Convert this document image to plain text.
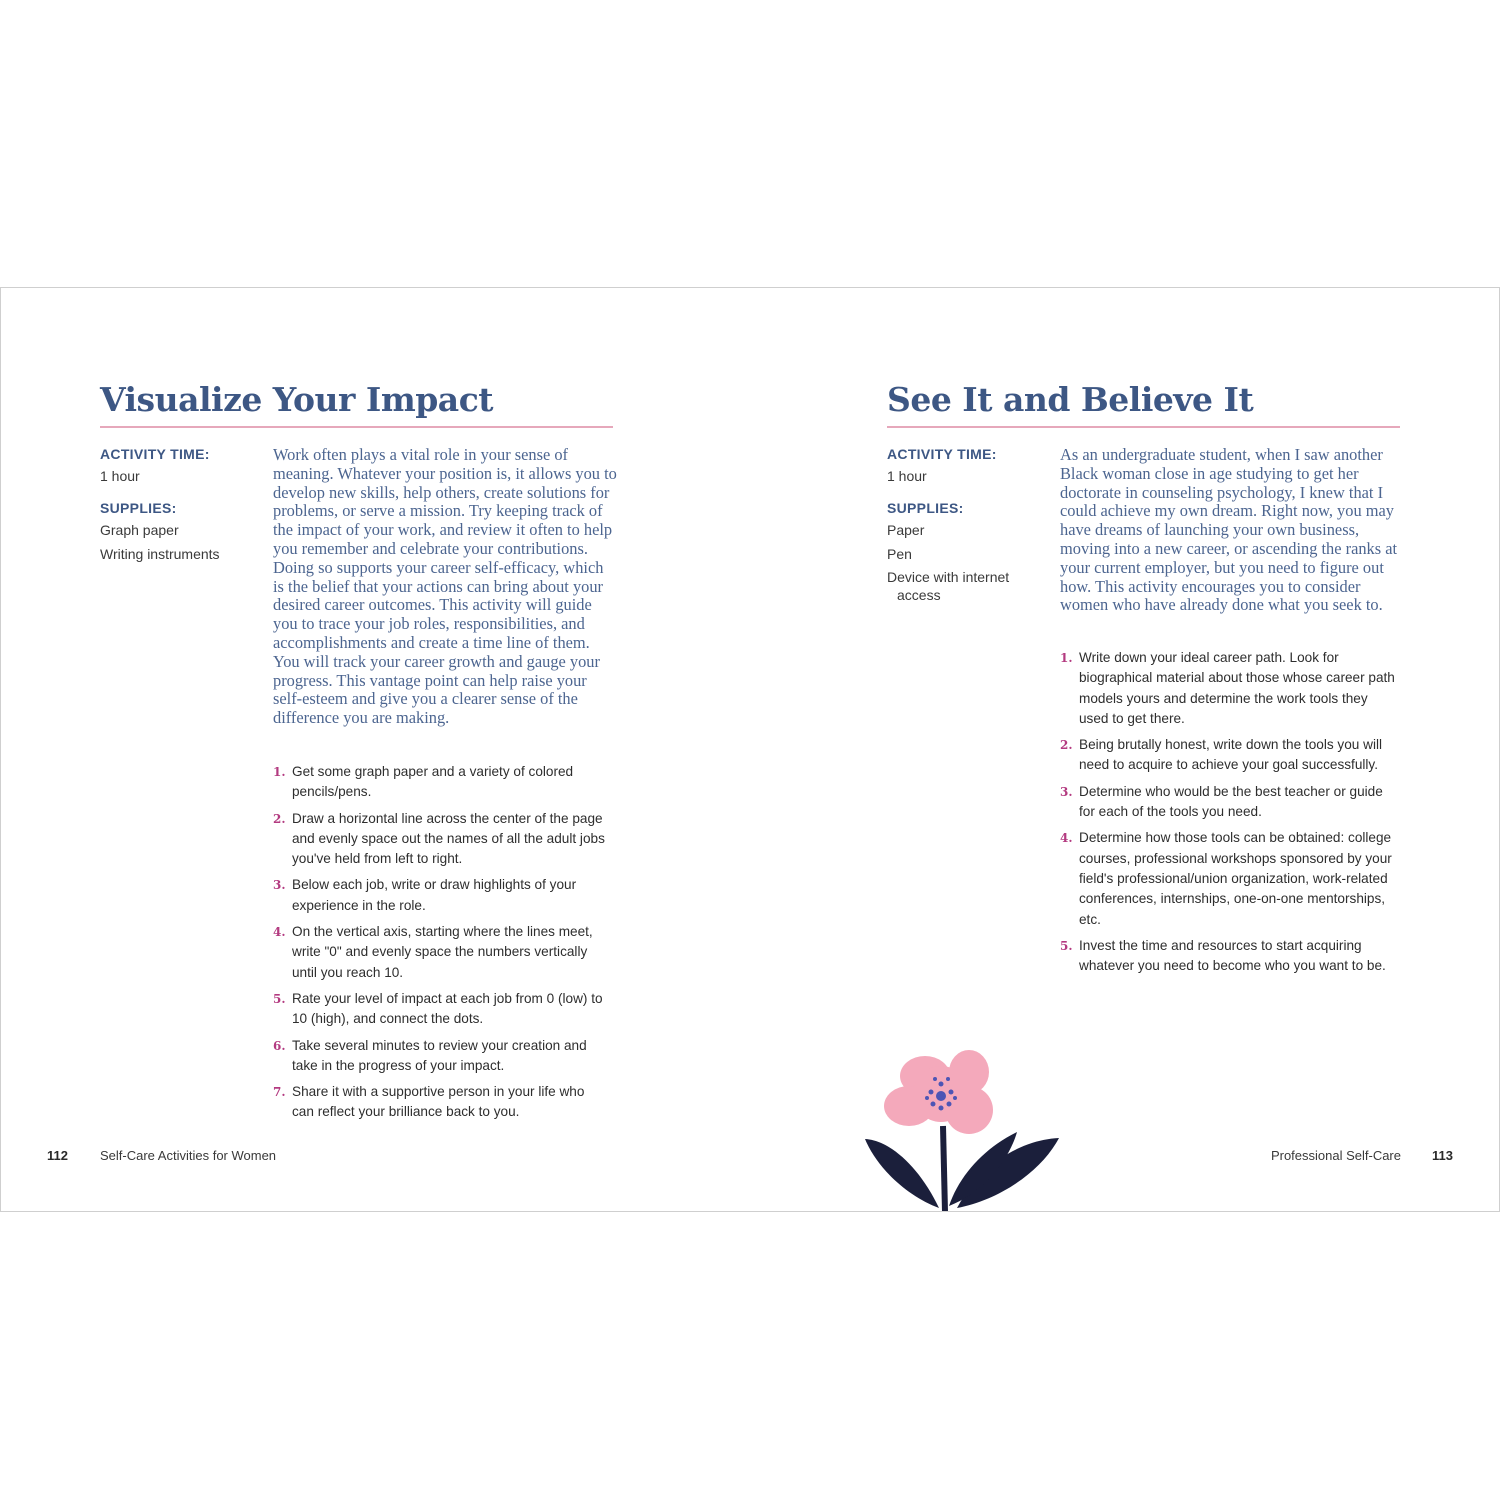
Visualize Your Impact

ACTIVITY TIME:

1 hour

SUPPLIES:

Graph paper

Writing instruments

Work often plays a vital role in your sense of meaning. Whatever your position is, it allows you to develop new skills, help others, create solutions for problems, or serve a mission. Try keeping track of the impact of your work, and review it often to help you remember and celebrate your contributions. Doing so supports your career self-efficacy, which is the belief that your actions can bring about your desired career outcomes. This activity will guide you to trace your job roles, responsibilities, and accomplishments and create a time line of them. You will track your career growth and gauge your progress. This vantage point can help raise your self-esteem and give you a clearer sense of the difference you are making.

1. Get some graph paper and a variety of colored pencils/pens.
2. Draw a horizontal line across the center of the page and evenly space out the names of all the adult jobs you've held from left to right.
3. Below each job, write or draw highlights of your experience in the role.
4. On the vertical axis, starting where the lines meet, write "0" and evenly space the numbers vertically until you reach 10.
5. Rate your level of impact at each job from 0 (low) to 10 (high), and connect the dots.
6. Take several minutes to review your creation and take in the progress of your impact.
7. Share it with a supportive person in your life who can reflect your brilliance back to you.
112 Self-Care Activities for Women
See It and Believe It

ACTIVITY TIME:

1 hour

SUPPLIES:

Paper

Pen

Device with internet access

As an undergraduate student, when I saw another Black woman close in age studying to get her doctorate in counseling psychology, I knew that I could achieve my own dream. Right now, you may have dreams of launching your own business, moving into a new career, or ascending the ranks at your current employer, but you need to figure out how. This activity encourages you to consider women who have already done what you seek to.

1. Write down your ideal career path. Look for biographical material about those whose career path models yours and determine the work tools they used to get there.
2. Being brutally honest, write down the tools you will need to acquire to achieve your goal successfully.
3. Determine who would be the best teacher or guide for each of the tools you need.
4. Determine how those tools can be obtained: college courses, professional workshops sponsored by your field's professional/union organization, work-related conferences, internships, one-on-one mentorships, etc.
5. Invest the time and resources to start acquiring whatever you need to become who you want to be.
Professional Self-Care 113
